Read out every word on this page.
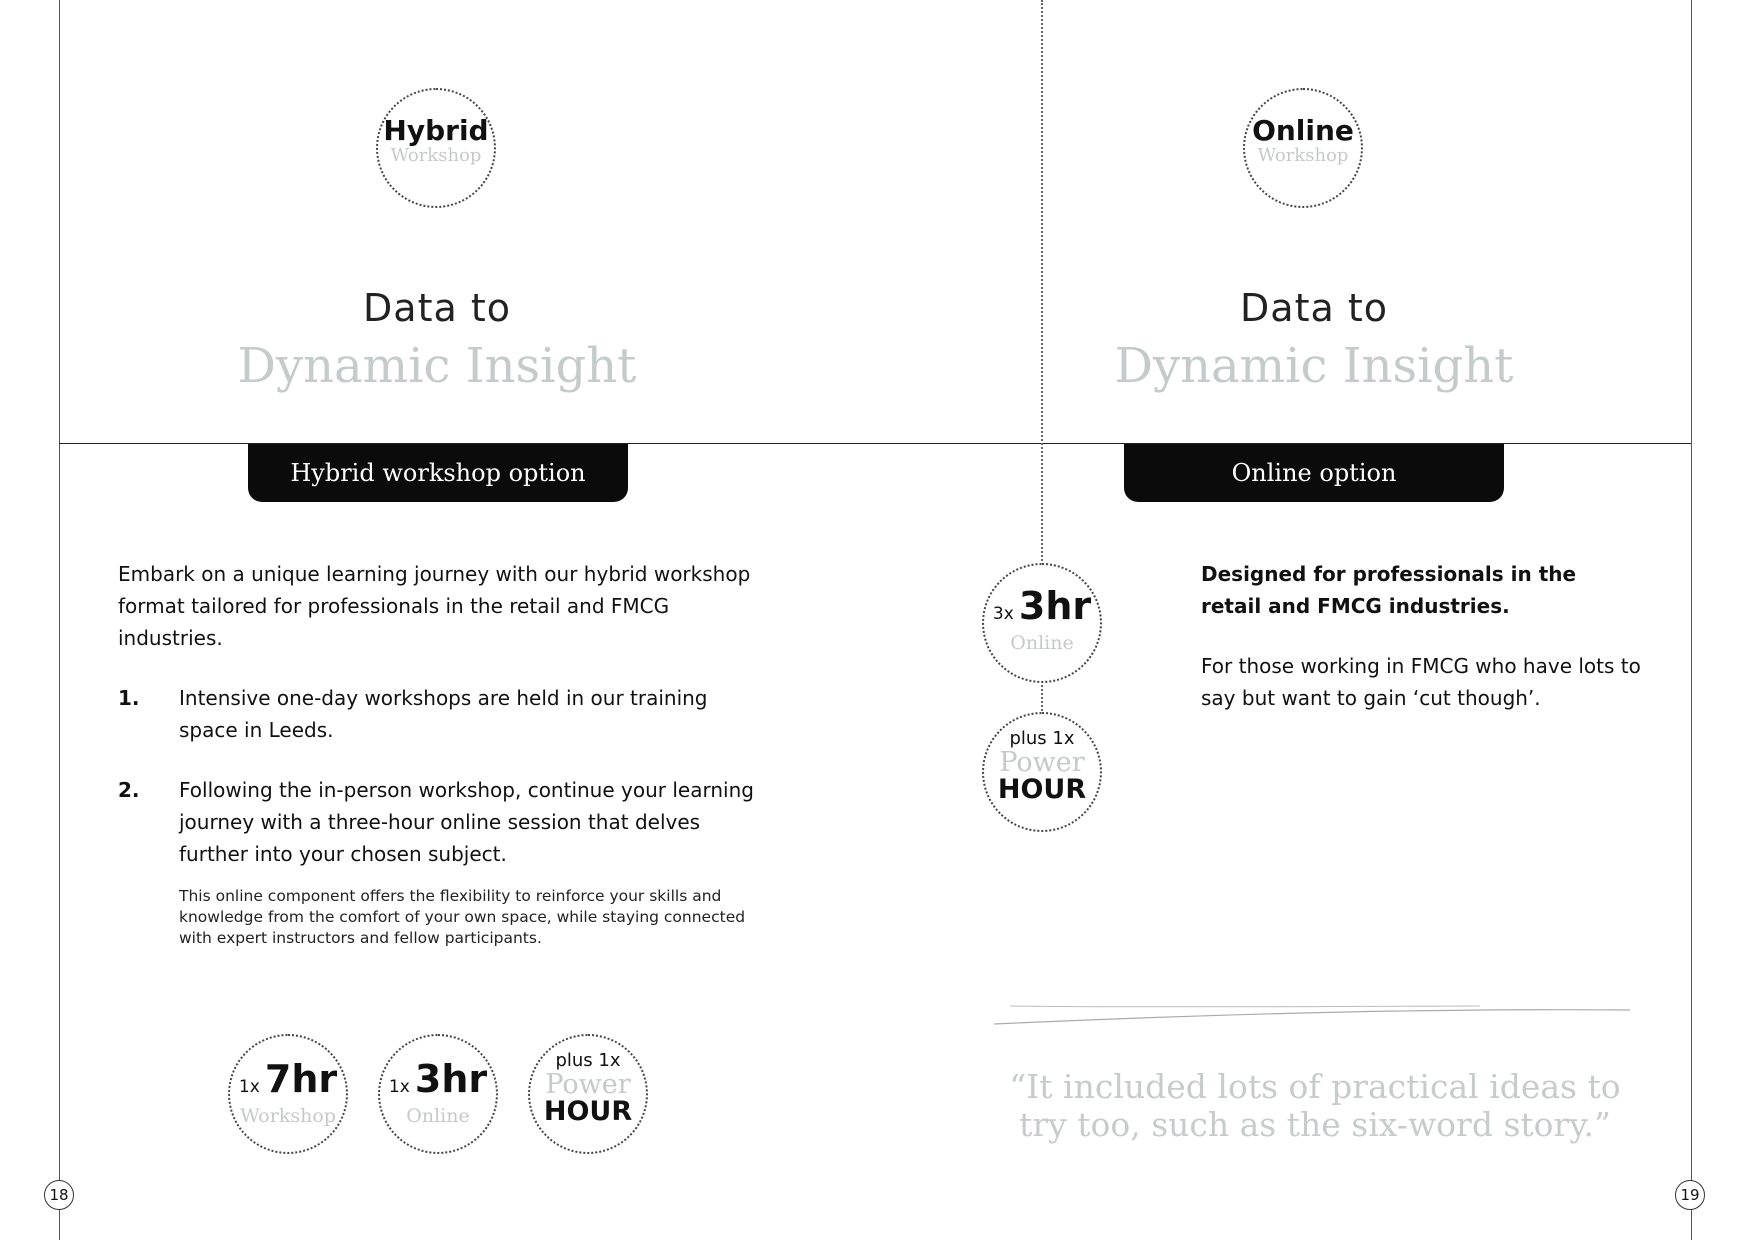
Hybrid
Workshop
Data to
Dynamic Insight
Hybrid workshop option
Embark on a unique learning journey with our hybrid workshop format tailored for professionals in the retail and FMCG industries.
1. Intensive one-day workshops are held in our training space in Leeds.
2. Following the in-person workshop, continue your learning journey with a three-hour online session that delves further into your chosen subject.
This online component offers the flexibility to reinforce your skills and knowledge from the comfort of your own space, while staying connected with expert instructors and fellow participants.
1x 7hr
Workshop
1x 3hr
Online
plus 1x
Power
HOUR
18
Online
Workshop
Data to
Dynamic Insight
Online option
3x 3hr
Online
plus 1x
Power
HOUR
Designed for professionals in the retail and FMCG industries.
For those working in FMCG who have lots to say but want to gain ‘cut though’.
“It included lots of practical ideas to try too, such as the six-word story.”
19
